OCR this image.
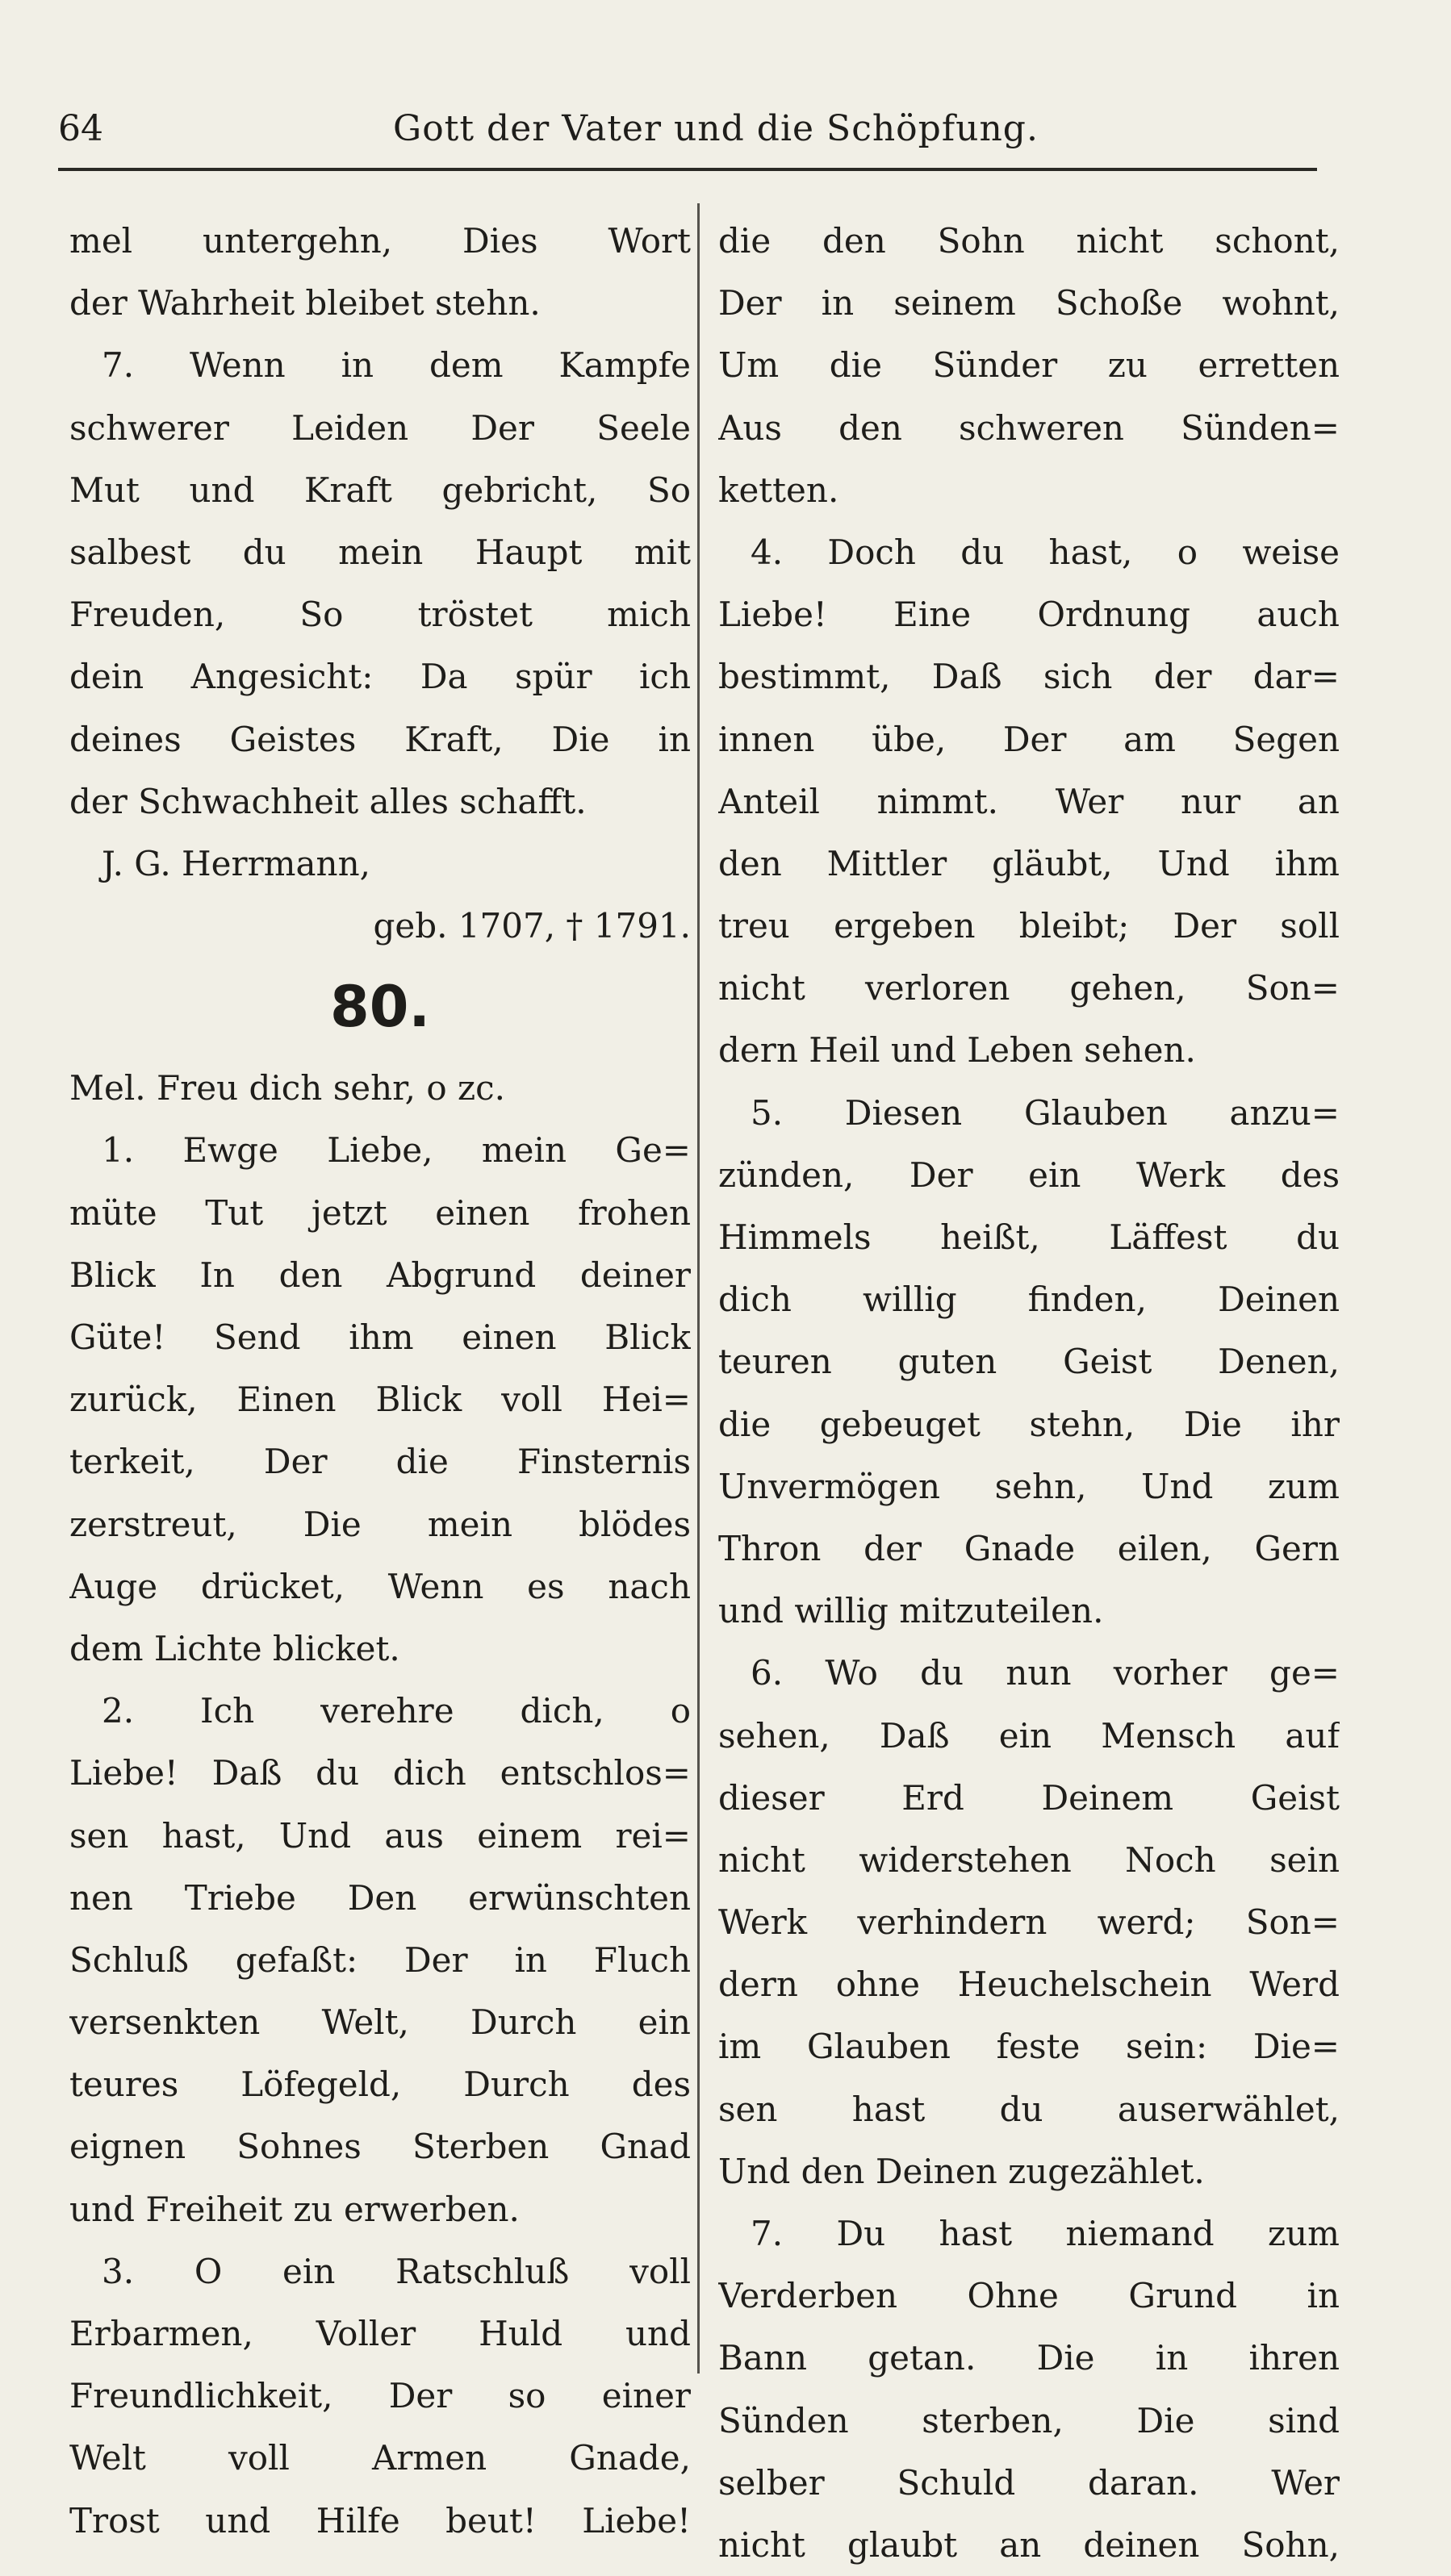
64	Gott der Vater und die Schöpfung.
mel untergehn, Dies Wort
der Wahrheit bleibet stehn.
7. Wenn in dem Kampfe
schwerer Leiden Der Seele
Mut und Kraft gebricht, So
salbest du mein Haupt mit
Freuden, So tröstet mich
dein Angesicht: Da spür ich
deines Geistes Kraft, Die in
der Schwachheit alles schafft.
J. G. Herrmann,
geb. 1707, † 1791.
80.
Mel. Freu dich sehr, o zc.
1. Ewge Liebe, mein Ge=
müte Tut jetzt einen frohen
Blick In den Abgrund deiner
Güte! Send ihm einen Blick
zurück, Einen Blick voll Hei=
terkeit, Der die Finsternis
zerstreut, Die mein blödes
Auge drücket, Wenn es nach
dem Lichte blicket.
2. Ich verehre dich, o
Liebe! Daß du dich entschlos=
sen hast, Und aus einem rei=
nen Triebe Den erwünschten
Schluß gefaßt: Der in Fluch
versenkten Welt, Durch ein
teures Löfegeld, Durch des
eignen Sohnes Sterben Gnad
und Freiheit zu erwerben.
3. O ein Ratschluß voll
Erbarmen, Voller Huld und
Freundlichkeit, Der so einer
Welt voll Armen Gnade,
Trost und Hilfe beut! Liebe!
die den Sohn nicht schont,
Der in seinem Schoße wohnt,
Um die Sünder zu erretten
Aus den schweren Sünden=
ketten.
4. Doch du hast, o weise
Liebe! Eine Ordnung auch
bestimmt, Daß sich der dar=
innen übe, Der am Segen
Anteil nimmt. Wer nur an
den Mittler gläubt, Und ihm
treu ergeben bleibt; Der soll
nicht verloren gehen, Son=
dern Heil und Leben sehen.
5. Diesen Glauben anzu=
zünden, Der ein Werk des
Himmels heißt, Läffest du
dich willig finden, Deinen
teuren guten Geist Denen,
die gebeuget stehn, Die ihr
Unvermögen sehn, Und zum
Thron der Gnade eilen, Gern
und willig mitzuteilen.
6. Wo du nun vorher ge=
sehen, Daß ein Mensch auf
dieser Erd Deinem Geist
nicht widerstehen Noch sein
Werk verhindern werd; Son=
dern ohne Heuchelschein Werd
im Glauben feste sein: Die=
sen hast du auserwählet,
Und den Deinen zugezählet.
7. Du hast niemand zum
Verderben Ohne Grund in
Bann getan. Die in ihren
Sünden sterben, Die sind
selber Schuld daran. Wer
nicht glaubt an deinen Sohn,
